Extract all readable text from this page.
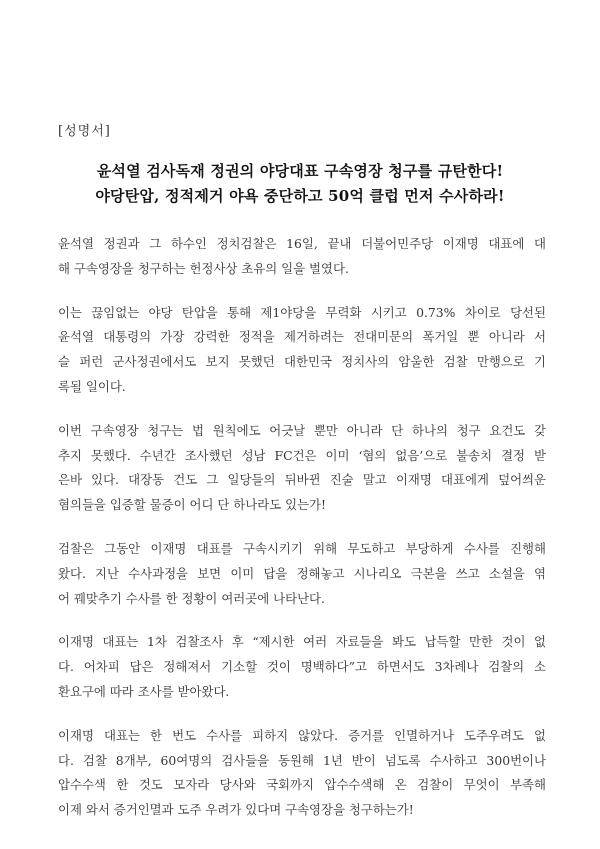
[성명서]
윤석열 검사독재 정권의 야당대표 구속영장 청구를 규탄한다!
야당탄압, 정적제거 야욕 중단하고 50억 클럽 먼저 수사하라!

윤석열 정권과 그 하수인 정치검찰은 16일, 끝내 더불어민주당 이재명 대표에 대
해 구속영장을 청구하는 헌정사상 초유의 일을 벌였다.

이는 끊임없는 야당 탄압을 통해 제1야당을 무력화 시키고 0.73% 차이로 당선된
윤석열 대통령의 가장 강력한 정적을 제거하려는 전대미문의 폭거일 뿐 아니라 서
슬 퍼런 군사정권에서도 보지 못했던 대한민국 정치사의 암울한 검찰 만행으로 기
록될 일이다.

이번 구속영장 청구는 법 원칙에도 어긋날 뿐만 아니라 단 하나의 청구 요건도 갖
추지 못했다. 수년간 조사했던 성남 FC건은 이미 ‘혐의 없음’으로 불송치 결정 받
은바 있다. 대장동 건도 그 일당들의 뒤바뀐 진술 말고 이재명 대표에게 덮어씌운
혐의들을 입증할 물증이 어디 단 하나라도 있는가!

검찰은 그동안 이재명 대표를 구속시키기 위해 무도하고 부당하게 수사를 진행해
왔다. 지난 수사과정을 보면 이미 답을 정해놓고 시나리오 극본을 쓰고 소설을 엮
어 꿰맞추기 수사를 한 정황이 여러곳에 나타난다.

이재명 대표는 1차 검찰조사 후 “제시한 여러 자료들을 봐도 납득할 만한 것이 없
다. 어차피 답은 정해져서 기소할 것이 명백하다”고 하면서도 3차례나 검찰의 소
환요구에 따라 조사를 받아왔다.

이재명 대표는 한 번도 수사를 피하지 않았다. 증거를 인멸하거나 도주우려도 없
다. 검찰 8개부, 60여명의 검사들을 동원해 1년 반이 넘도록 수사하고 300번이나
압수수색 한 것도 모자라 당사와 국회까지 압수수색해 온 검찰이 무엇이 부족해
이제 와서 증거인멸과 도주 우려가 있다며 구속영장을 청구하는가!
